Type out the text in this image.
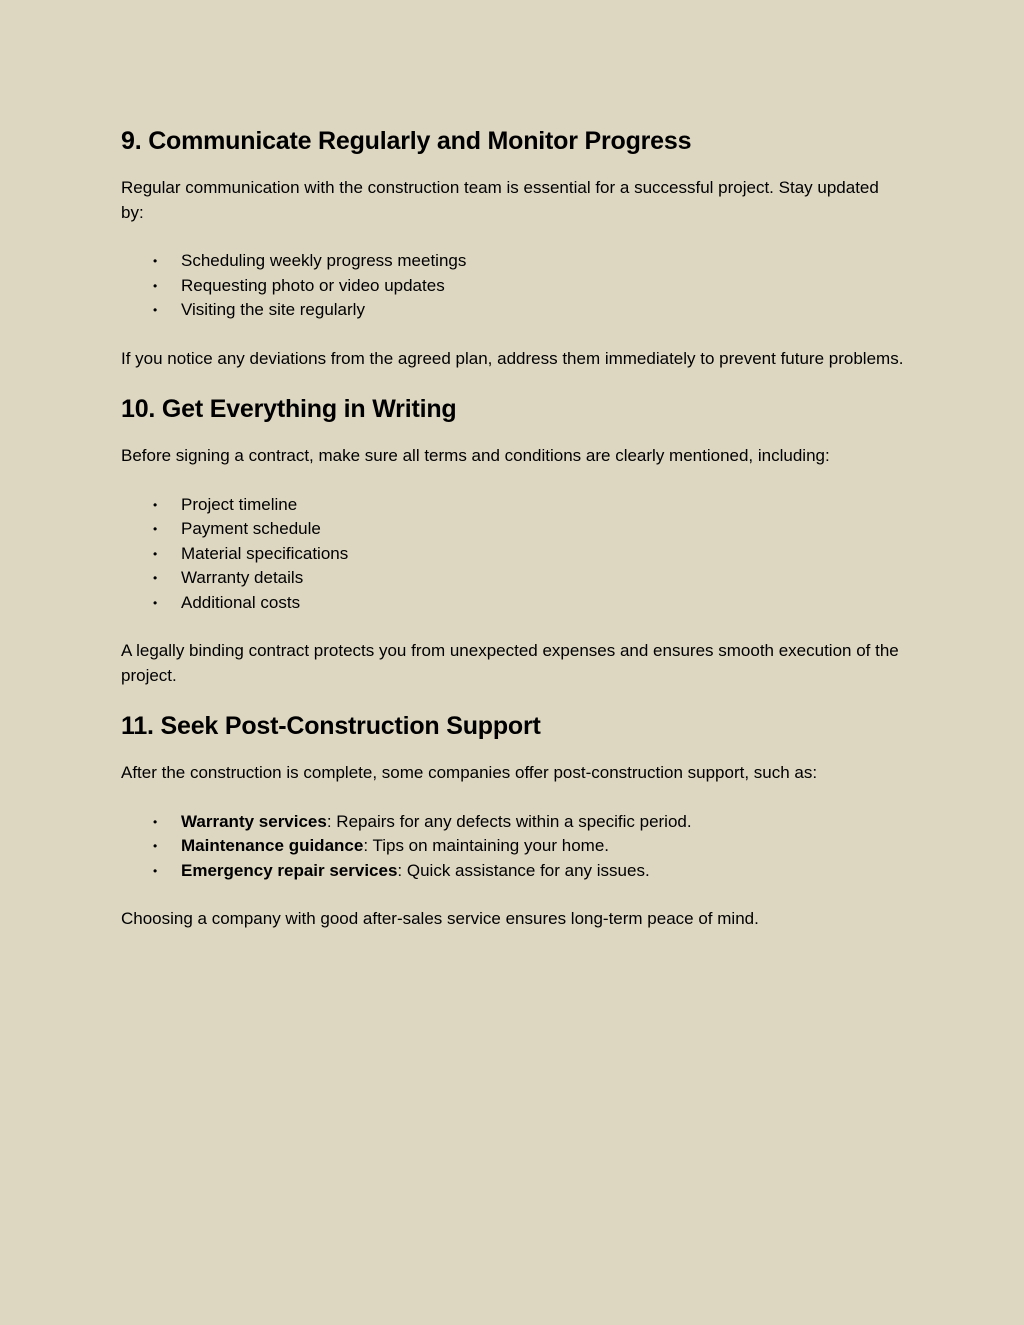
9. Communicate Regularly and Monitor Progress

Regular communication with the construction team is essential for a successful project. Stay updated by:

• Scheduling weekly progress meetings
• Requesting photo or video updates
• Visiting the site regularly

If you notice any deviations from the agreed plan, address them immediately to prevent future problems.

10. Get Everything in Writing

Before signing a contract, make sure all terms and conditions are clearly mentioned, including:

• Project timeline
• Payment schedule
• Material specifications
• Warranty details
• Additional costs

A legally binding contract protects you from unexpected expenses and ensures smooth execution of the project.

11. Seek Post-Construction Support

After the construction is complete, some companies offer post-construction support, such as:

• Warranty services: Repairs for any defects within a specific period.
• Maintenance guidance: Tips on maintaining your home.
• Emergency repair services: Quick assistance for any issues.

Choosing a company with good after-sales service ensures long-term peace of mind.
